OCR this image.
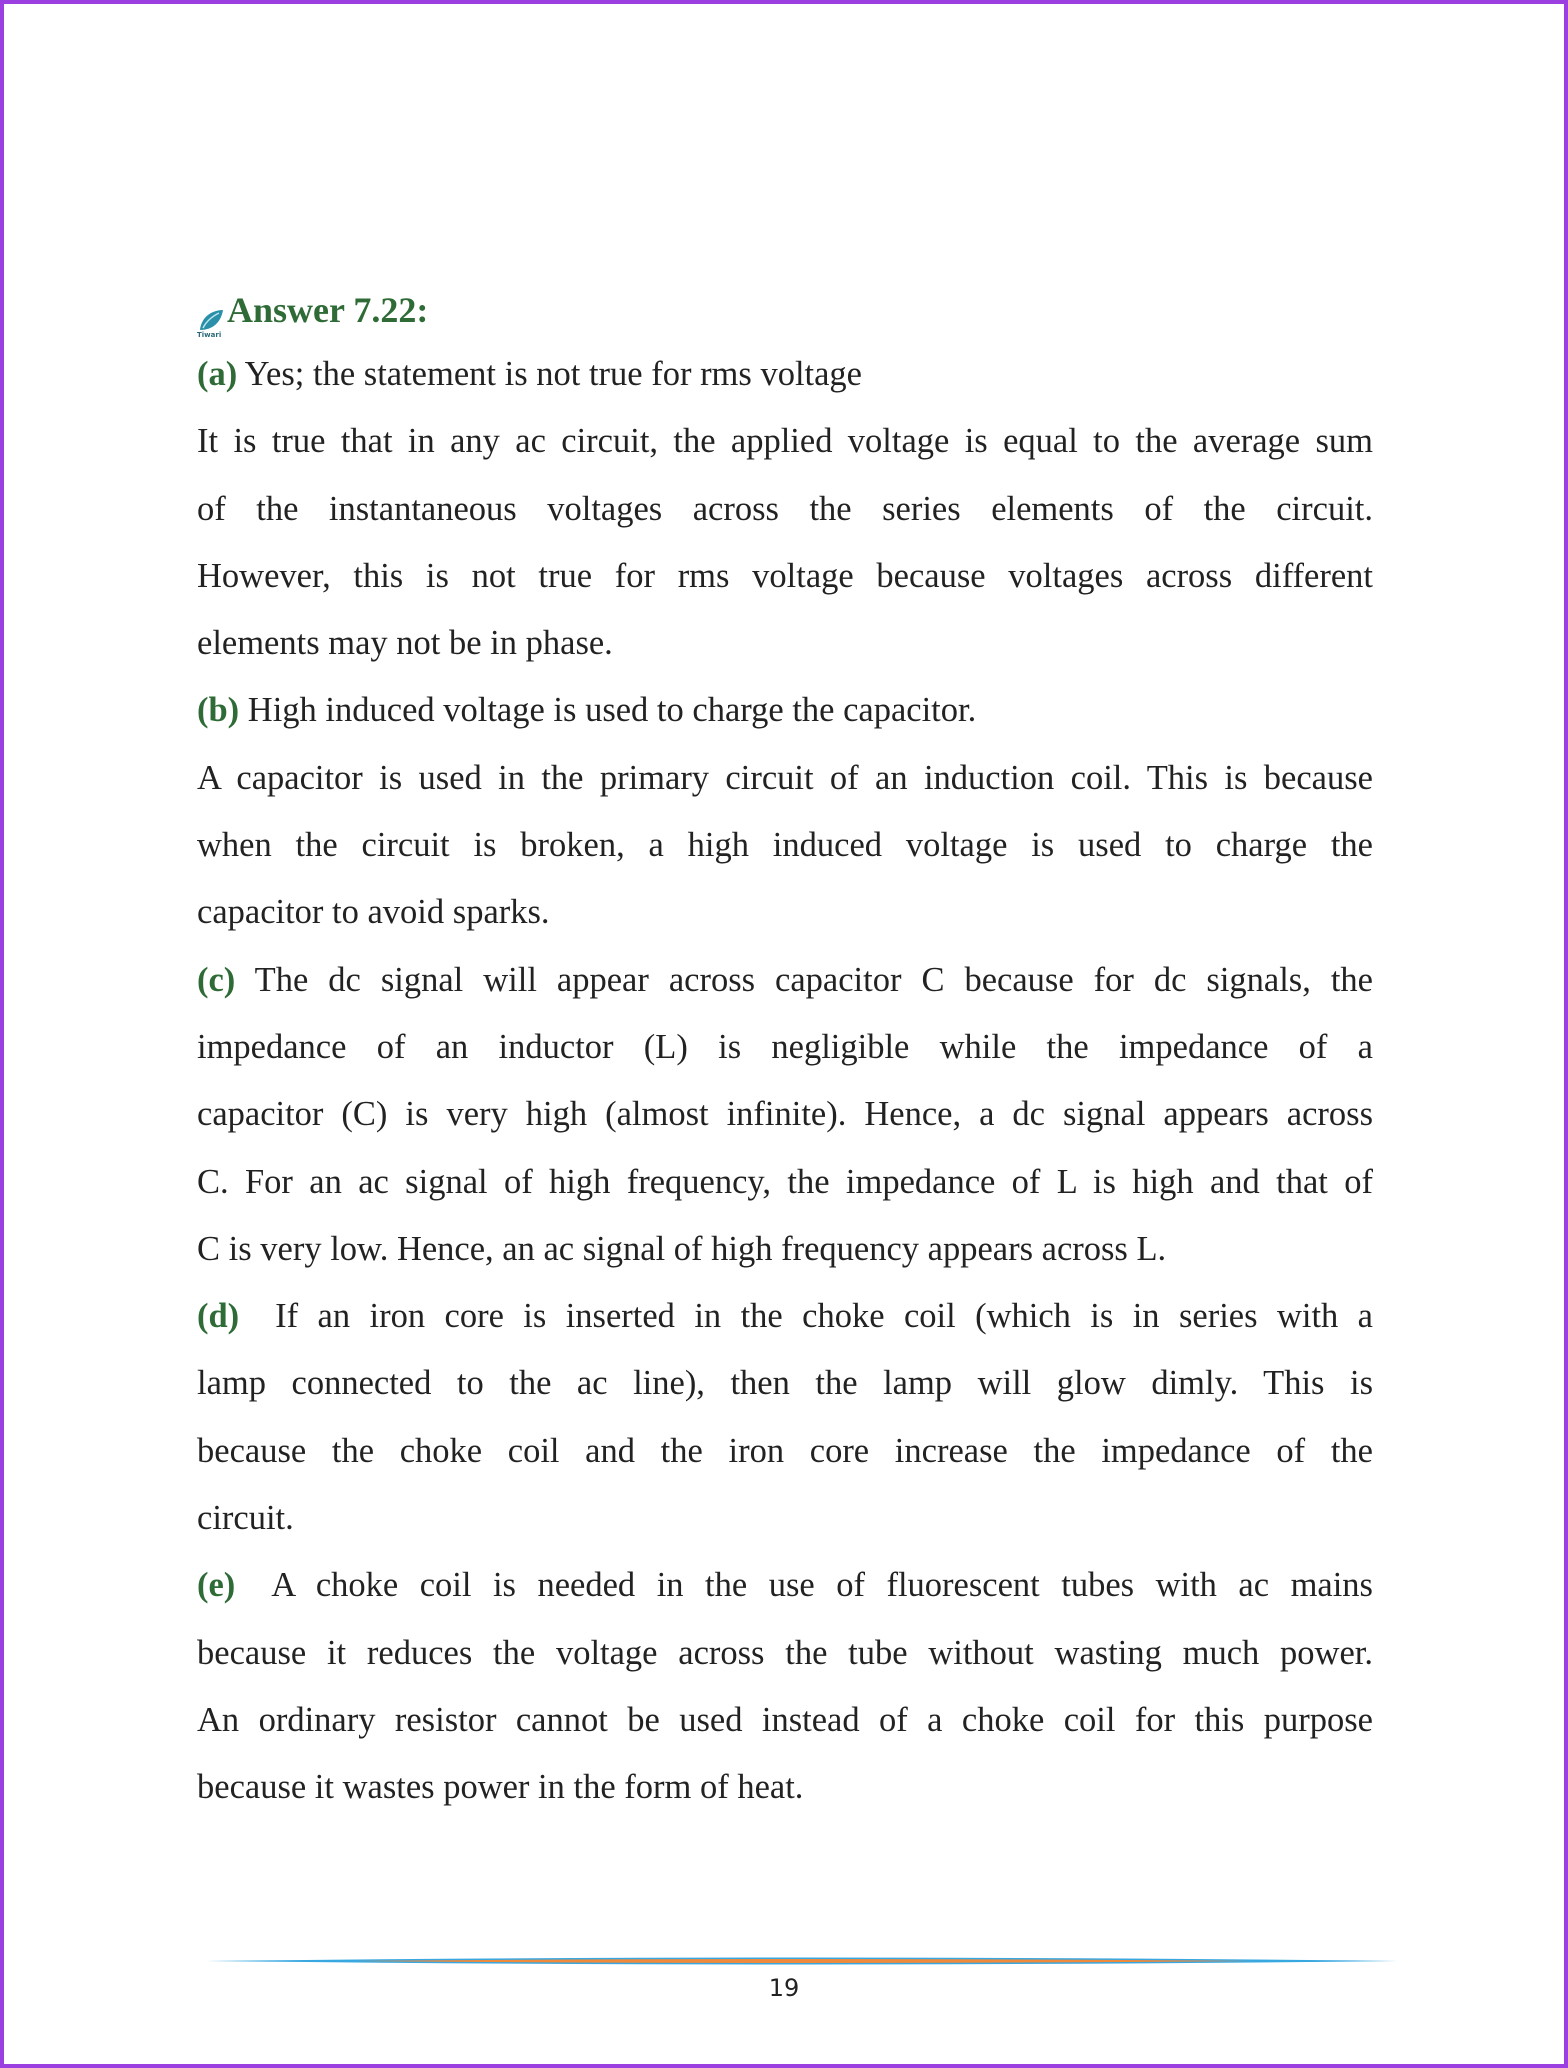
Tiwari
Answer 7.22:
(a) Yes; the statement is not true for rms voltage
It is true that in any ac circuit, the applied voltage is equal to the average sum
of the instantaneous voltages across the series elements of the circuit.
However, this is not true for rms voltage because voltages across different
elements may not be in phase.
(b) High induced voltage is used to charge the capacitor.
A capacitor is used in the primary circuit of an induction coil. This is because
when the circuit is broken, a high induced voltage is used to charge the
capacitor to avoid sparks.
(c) The dc signal will appear across capacitor C because for dc signals, the
impedance of an inductor (L) is negligible while the impedance of a
capacitor (C) is very high (almost infinite). Hence, a dc signal appears across
C. For an ac signal of high frequency, the impedance of L is high and that of
C is very low. Hence, an ac signal of high frequency appears across L.
(d) If an iron core is inserted in the choke coil (which is in series with a
lamp connected to the ac line), then the lamp will glow dimly. This is
because the choke coil and the iron core increase the impedance of the
circuit.
(e) A choke coil is needed in the use of fluorescent tubes with ac mains
because it reduces the voltage across the tube without wasting much power.
An ordinary resistor cannot be used instead of a choke coil for this purpose
because it wastes power in the form of heat.
19
